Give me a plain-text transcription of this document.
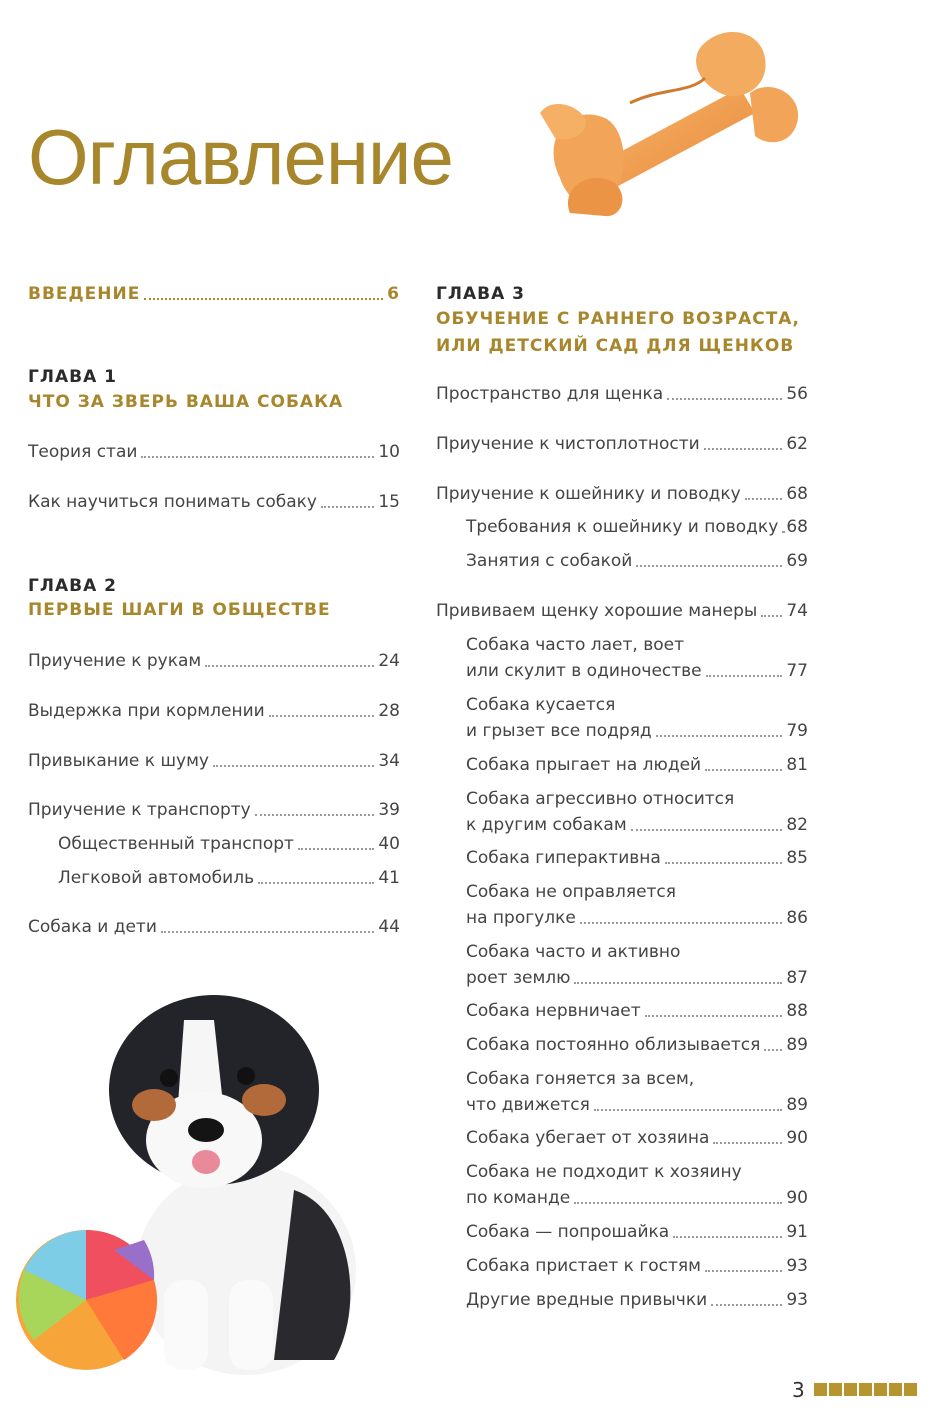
Оглавление
ВВЕДЕНИЕ	6
ГЛАВА 1
ЧТО ЗА ЗВЕРЬ ВАША СОБАКА
Теория стаи	10
Как научиться понимать собаку	15
ГЛАВА 2
ПЕРВЫЕ ШАГИ В ОБЩЕСТВЕ
Приучение к рукам	24
Выдержка при кормлении	28
Привыкание к шуму	34
Приучение к транспорту	39
Общественный транспорт	40
Легковой автомобиль	41
Собака и дети	44
ГЛАВА 3
ОБУЧЕНИЕ С РАННЕГО ВОЗРАСТА,
ИЛИ ДЕТСКИЙ САД ДЛЯ ЩЕНКОВ
Пространство для щенка	56
Приучение к чистоплотности	62
Приучение к ошейнику и поводку	68
Требования к ошейнику и поводку 68
Занятия с собакой	69
Прививаем щенку хорошие манеры 74
Собака часто лает, воет
или скулит в одиночестве	77
Собака кусается
и грызет все подряд	79
Собака прыгает на людей	81
Собака агрессивно относится
к другим собакам	82
Собака гиперактивна	85
Собака не оправляется
на прогулке	86
Собака часто и активно
роет землю	87
Собака нервничает	88
Собака постоянно облизывается 89
Собака гоняется за всем,
что движется	89
Собака убегает от хозяина	90
Собака не подходит к хозяину
по команде	90
Собака — попрошайка	91
Собака пристает к гостям	93
Другие вредные привычки	93
3
